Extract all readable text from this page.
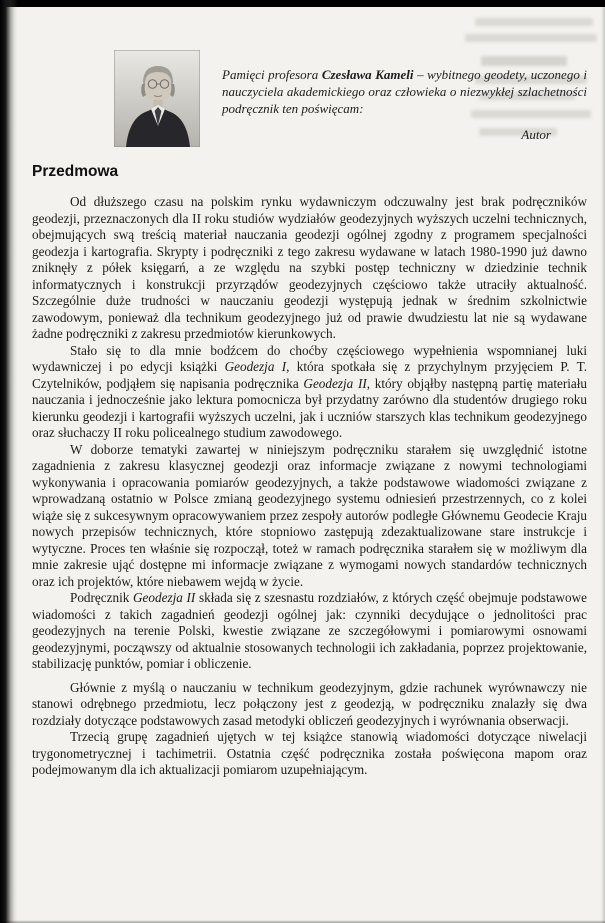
Pamięci profesora Czesława Kameli – wybitnego geodety, uczonego i nauczyciela akademickiego oraz człowieka o niezwykłej szlachetności podręcznik ten poświęcam:
Autor
Przedmowa

Od dłuższego czasu na polskim rynku wydawniczym odczuwalny jest brak podręczników geodezji, przeznaczonych dla II roku studiów wydziałów geodezyjnych wyższych uczelni technicznych, obejmujących swą treścią materiał nauczania geodezji ogólnej zgodny z programem specjalności geodezja i kartografia. Skrypty i podręczniki z tego zakresu wydawane w latach 1980-1990 już dawno zniknęły z półek księgarń, a ze względu na szybki postęp techniczny w dziedzinie technik informatycznych i konstrukcji przyrządów geodezyjnych częściowo także utraciły aktualność. Szczególnie duże trudności w nauczaniu geodezji występują jednak w średnim szkolnictwie zawodowym, ponieważ dla technikum geodezyjnego już od prawie dwudziestu lat nie są wydawane żadne podręczniki z zakresu przedmiotów kierunkowych.

Stało się to dla mnie bodźcem do choćby częściowego wypełnienia wspomnianej luki wydawniczej i po edycji książki Geodezja I, która spotkała się z przychylnym przyjęciem P. T. Czytelników, podjąłem się napisania podręcznika Geodezja II, który objąłby następną partię materiału nauczania i jednocześnie jako lektura pomocnicza był przydatny zarówno dla studentów drugiego roku kierunku geodezji i kartografii wyższych uczelni, jak i uczniów starszych klas technikum geodezyjnego oraz słuchaczy II roku policealnego studium zawodowego.

W doborze tematyki zawartej w niniejszym podręczniku starałem się uwzględnić istotne zagadnienia z zakresu klasycznej geodezji oraz informacje związane z nowymi technologiami wykonywania i opracowania pomiarów geodezyjnych, a także podstawowe wiadomości związane z wprowadzaną ostatnio w Polsce zmianą geodezyjnego systemu odniesień przestrzennych, co z kolei wiąże się z sukcesywnym opracowywaniem przez zespoły autorów podległe Głównemu Geodecie Kraju nowych przepisów technicznych, które stopniowo zastępują zdezaktualizowane stare instrukcje i wytyczne. Proces ten właśnie się rozpoczął, toteż w ramach podręcznika starałem się w możliwym dla mnie zakresie ująć dostępne mi informacje związane z wymogami nowych standardów technicznych oraz ich projektów, które niebawem wejdą w życie.

Podręcznik Geodezja II składa się z szesnastu rozdziałów, z których część obejmuje podstawowe wiadomości z takich zagadnień geodezji ogólnej jak: czynniki decydujące o jednolitości prac geodezyjnych na terenie Polski, kwestie związane ze szczegółowymi i pomiarowymi osnowami geodezyjnymi, począwszy od aktualnie stosowanych technologii ich zakładania, poprzez projektowanie, stabilizację punktów, pomiar i obliczenie.

Głównie z myślą o nauczaniu w technikum geodezyjnym, gdzie rachunek wyrównawczy nie stanowi odrębnego przedmiotu, lecz połączony jest z geodezją, w podręczniku znalazły się dwa rozdziały dotyczące podstawowych zasad metodyki obliczeń geodezyjnych i wyrównania obserwacji.

Trzecią grupę zagadnień ujętych w tej książce stanowią wiadomości dotyczące niwelacji trygonometrycznej i tachimetrii. Ostatnia część podręcznika została poświęcona mapom oraz podejmowanym dla ich aktualizacji pomiarom uzupełniającym.
